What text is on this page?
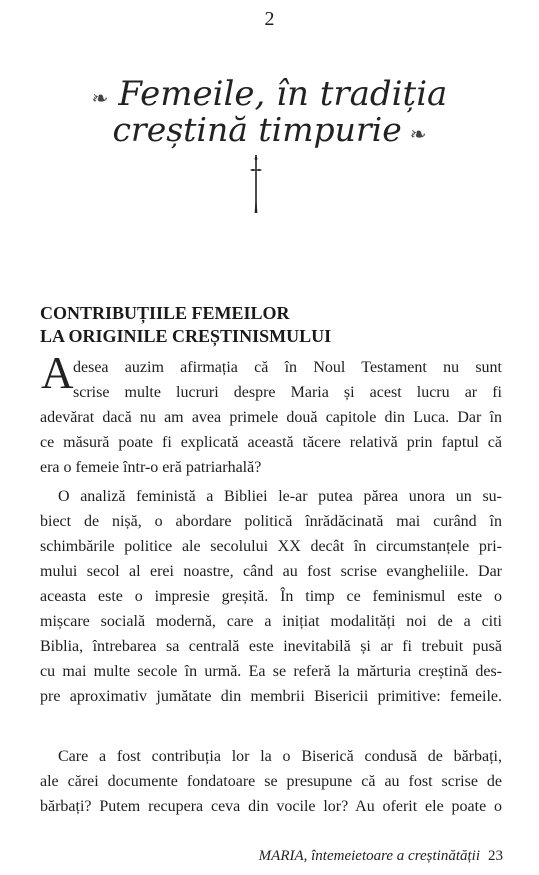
2
❧ Femeile, în tradiția
creștină timpurie ❧
CONTRIBUȚIILE FEMEILOR
LA ORIGINILE CREȘTINISMULUI
A desea auzim afirmația că în Noul Testament nu sunt
scrise multe lucruri despre Maria și acest lucru ar fi
adevărat dacă nu am avea primele două capitole din Luca. Dar în
ce măsură poate fi explicată această tăcere relativă prin faptul că
era o femeie într-o eră patriarhală?
O analiză feministă a Bibliei le-ar putea părea unora un su-
biect de nișă, o abordare politică înrădăcinată mai curând în
schimbările politice ale secolului XX decât în circumstanțele pri-
mului secol al erei noastre, când au fost scrise evangheliile. Dar
aceasta este o impresie greșită. În timp ce feminismul este o
mișcare socială modernă, care a inițiat modalități noi de a citi
Biblia, întrebarea sa centrală este inevitabilă și ar fi trebuit pusă
cu mai multe secole în urmă. Ea se referă la mărturia creștină des-
pre aproximativ jumătate din membrii Bisericii primitive: femeile.
Care a fost contribuția lor la o Biserică condusă de bărbați,
ale cărei documente fondatoare se presupune că au fost scrise de
bărbați? Putem recupera ceva din vocile lor? Au oferit ele poate o
MARIA, întemeietoare a creștinătății 23
